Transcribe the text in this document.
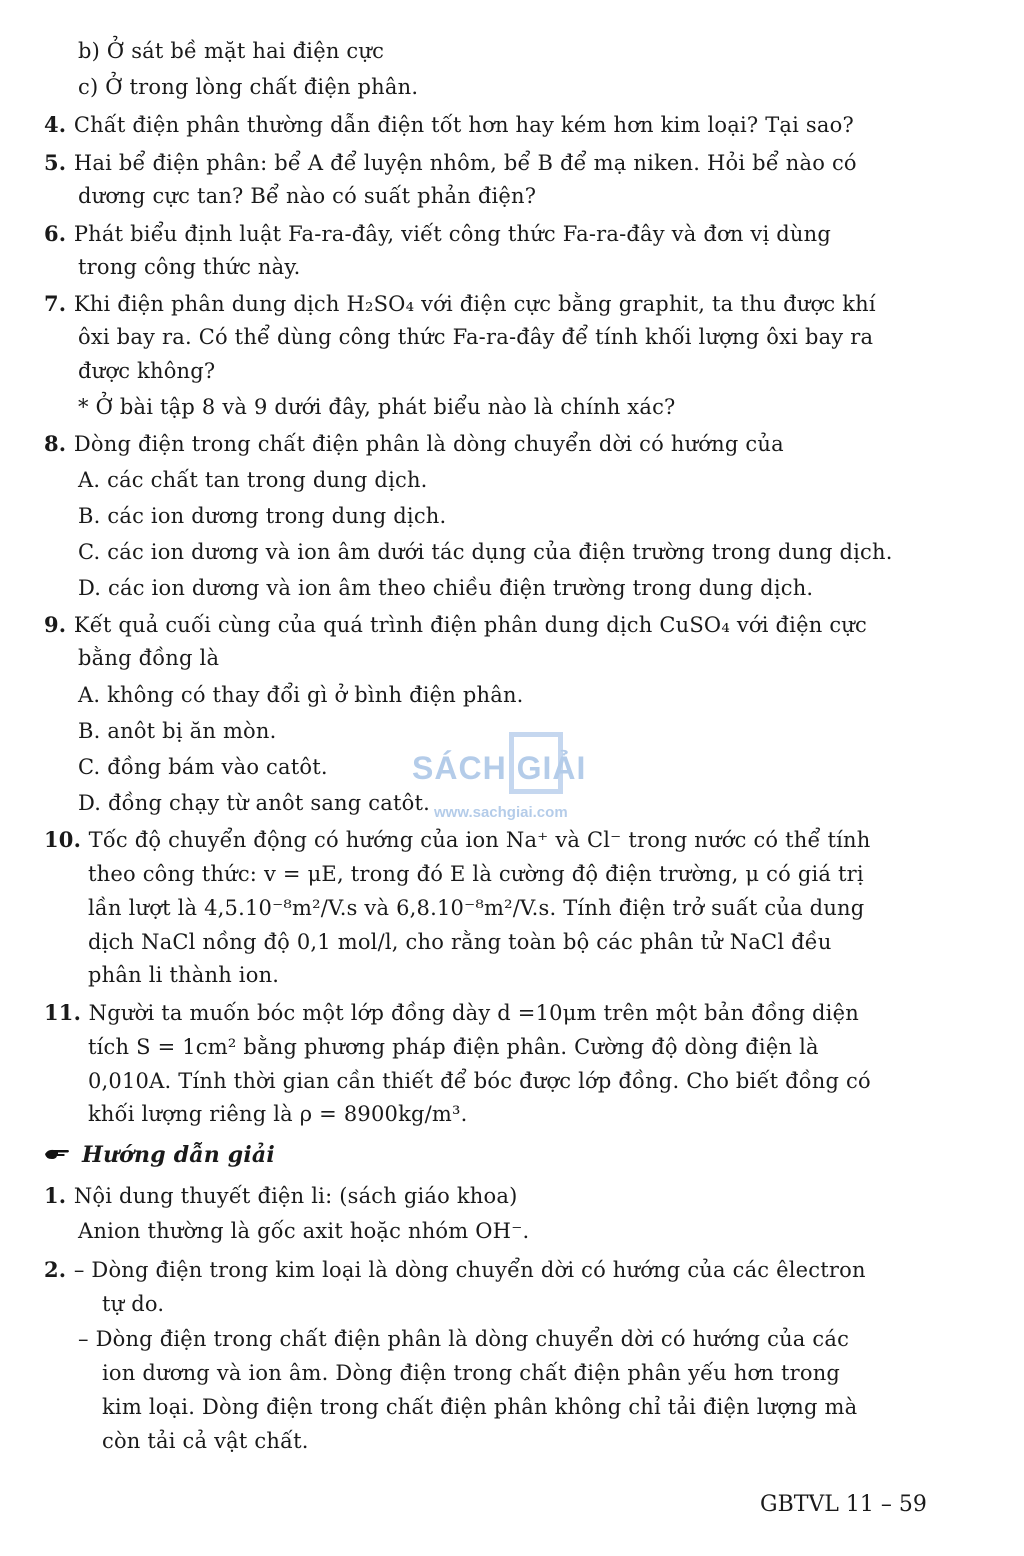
b) Ở sát bề mặt hai điện cực
c) Ở trong lòng chất điện phân.
4. Chất điện phân thường dẫn điện tốt hơn hay kém hơn kim loại? Tại sao?
5. Hai bể điện phân: bể A để luyện nhôm, bể B để mạ niken. Hỏi bể nào có
dương cực tan? Bể nào có suất phản điện?
6. Phát biểu định luật Fa-ra-đây, viết công thức Fa-ra-đây và đơn vị dùng
trong công thức này.
7. Khi điện phân dung dịch H₂SO₄ với điện cực bằng graphit, ta thu được khí
ôxi bay ra. Có thể dùng công thức Fa-ra-đây để tính khối lượng ôxi bay ra
được không?
* Ở bài tập 8 và 9 dưới đây, phát biểu nào là chính xác?
8. Dòng điện trong chất điện phân là dòng chuyển dời có hướng của
A. các chất tan trong dung dịch.
B. các ion dương trong dung dịch.
C. các ion dương và ion âm dưới tác dụng của điện trường trong dung dịch.
D. các ion dương và ion âm theo chiều điện trường trong dung dịch.
9. Kết quả cuối cùng của quá trình điện phân dung dịch CuSO₄ với điện cực
bằng đồng là
A. không có thay đổi gì ở bình điện phân.
B. anôt bị ăn mòn.
C. đồng bám vào catôt.
D. đồng chạy từ anôt sang catôt.
10. Tốc độ chuyển động có hướng của ion Na⁺ và Cl⁻ trong nước có thể tính
theo công thức: v = μE, trong đó E là cường độ điện trường, μ có giá trị
lần lượt là 4,5.10⁻⁸m²/V.s và 6,8.10⁻⁸m²/V.s. Tính điện trở suất của dung
dịch NaCl nồng độ 0,1 mol/l, cho rằng toàn bộ các phân tử NaCl đều
phân li thành ion.
11. Người ta muốn bóc một lớp đồng dày d =10μm trên một bản đồng diện
tích S = 1cm² bằng phương pháp điện phân. Cường độ dòng điện là
0,010A. Tính thời gian cần thiết để bóc được lớp đồng. Cho biết đồng có
khối lượng riêng là ρ = 8900kg/m³.
Hướng dẫn giải
1. Nội dung thuyết điện li: (sách giáo khoa)
Anion thường là gốc axit hoặc nhóm OH⁻.
2. – Dòng điện trong kim loại là dòng chuyển dời có hướng của các êlectron
tự do.
– Dòng điện trong chất điện phân là dòng chuyển dời có hướng của các
ion dương và ion âm. Dòng điện trong chất điện phân yếu hơn trong
kim loại. Dòng điện trong chất điện phân không chỉ tải điện lượng mà
còn tải cả vật chất.
SÁCH GIẢI
www.sachgiai.com
GBTVL 11 – 59
